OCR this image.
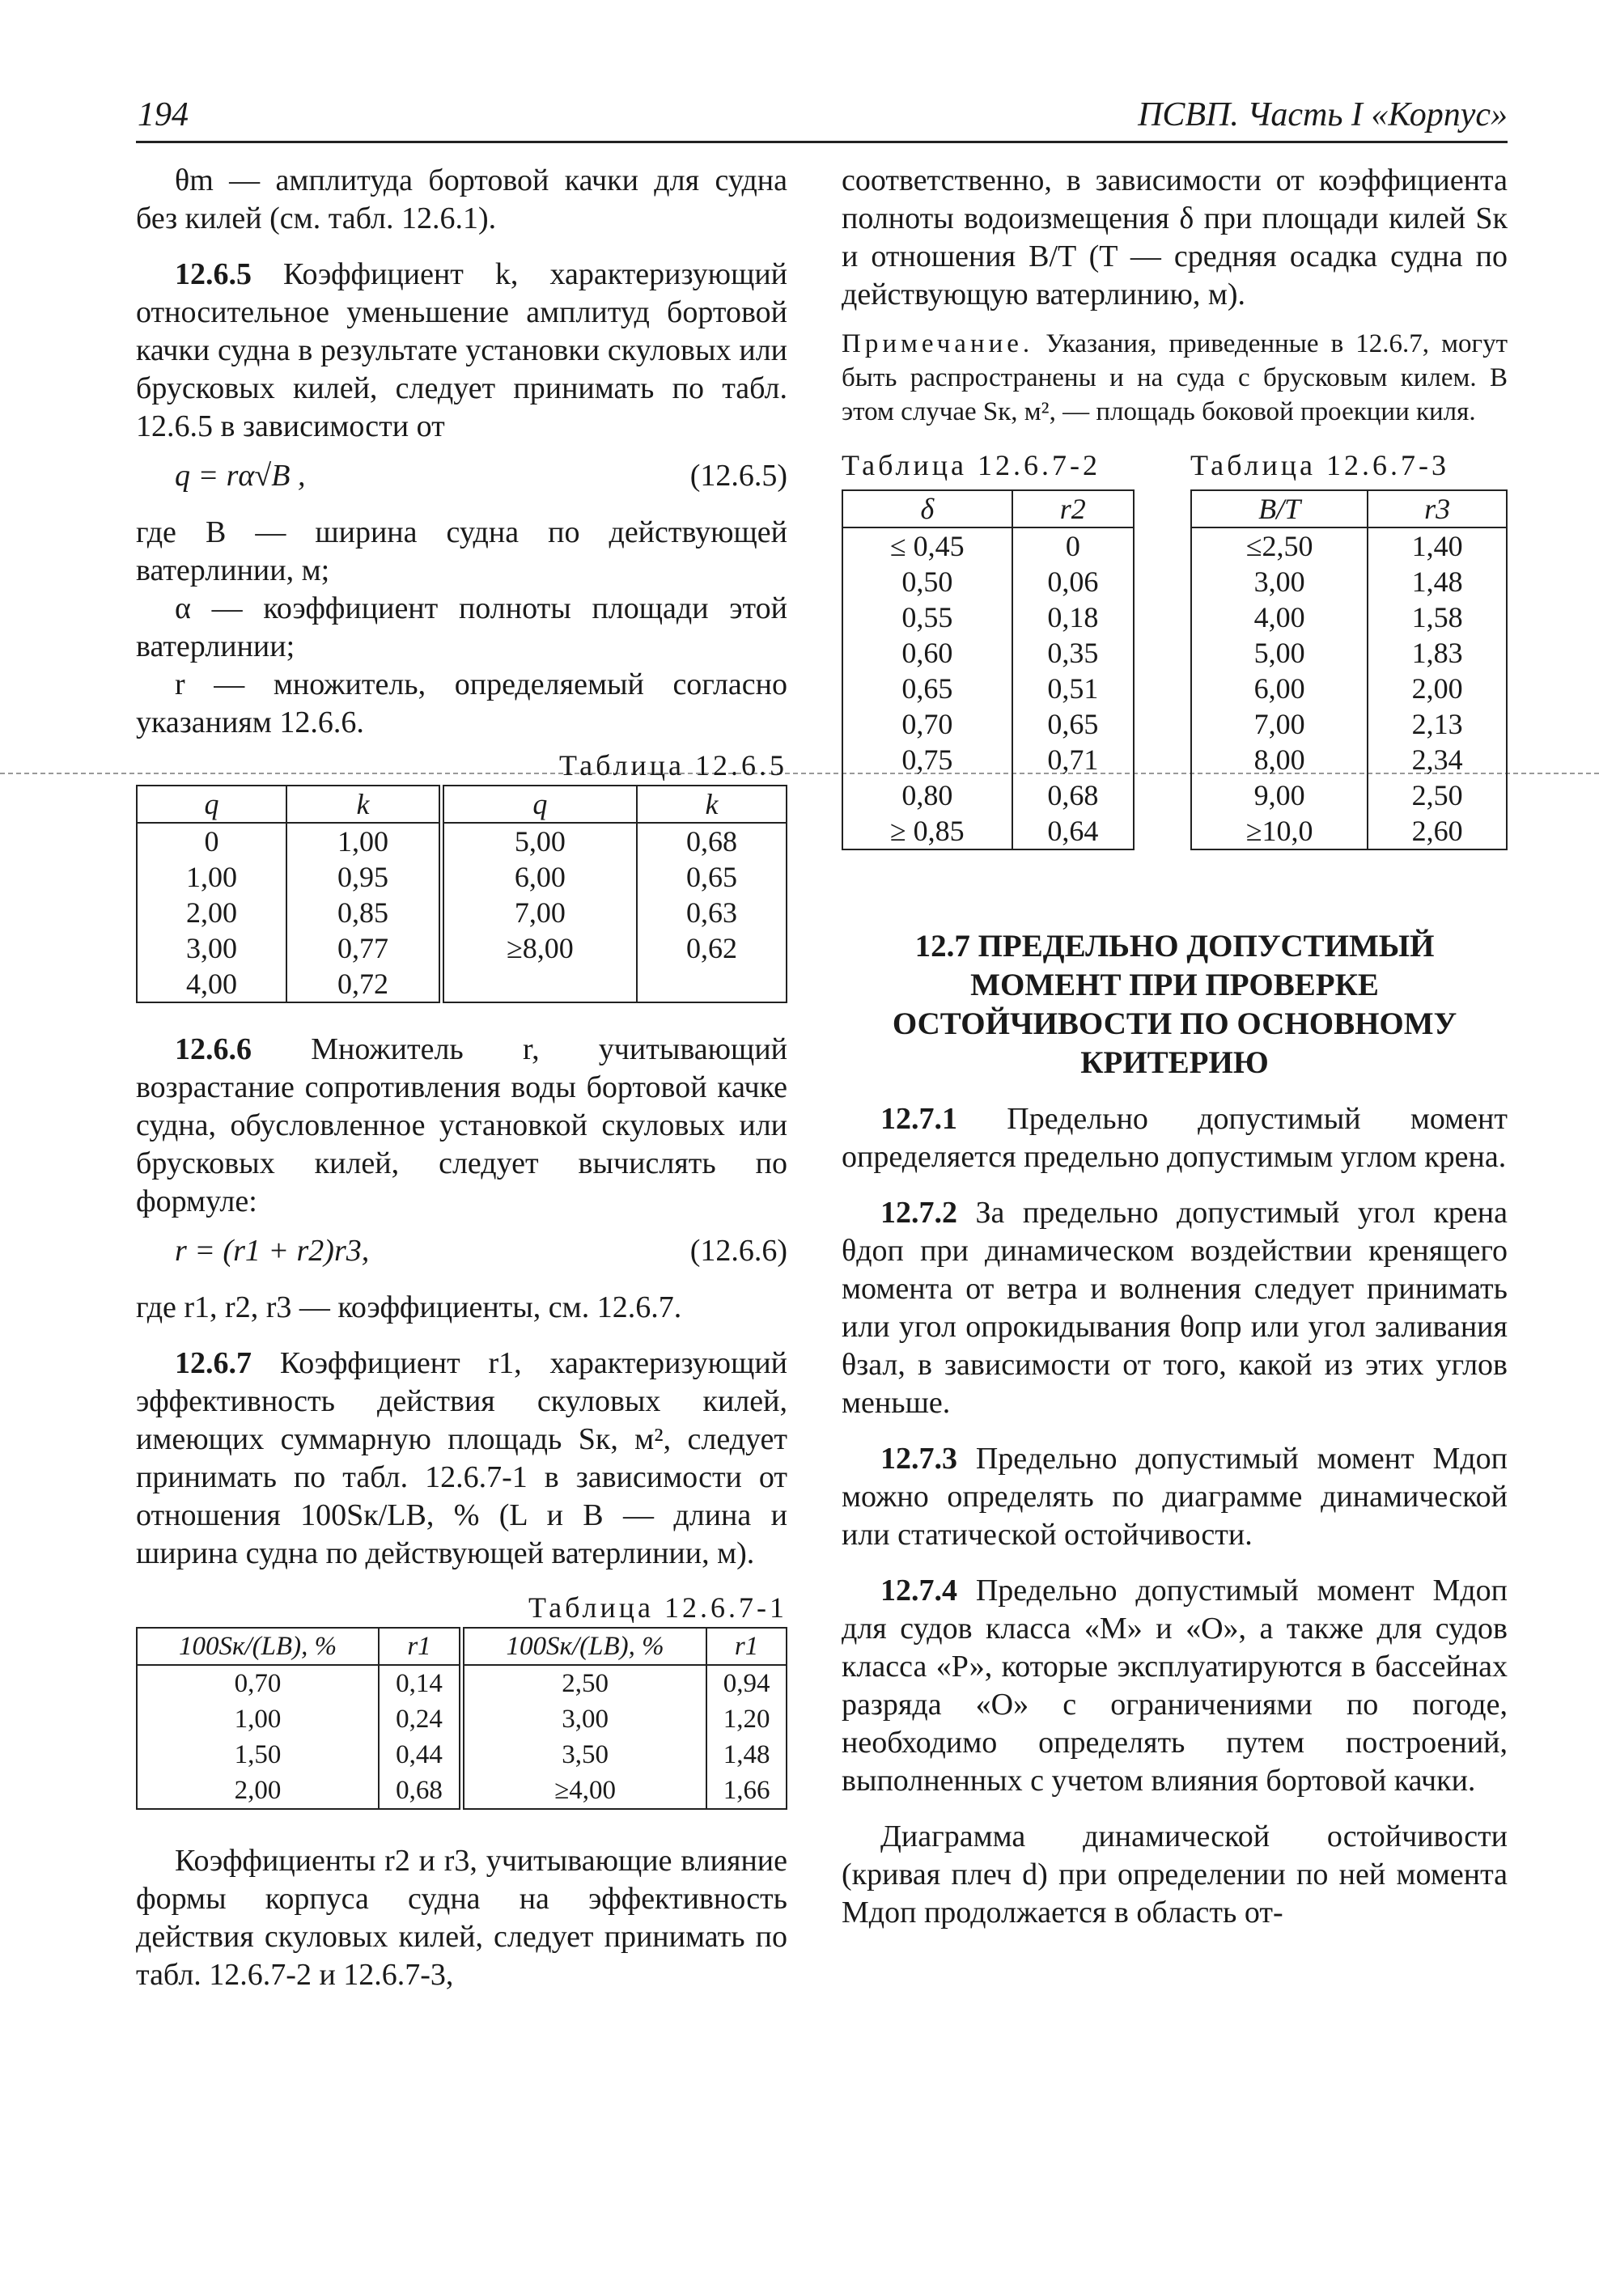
194	ПСВП. Часть I «Корпус»

θm — амплитуда бортовой качки для судна без килей (см. табл. 12.6.1).

12.6.5 Коэффициент k, характеризующий относительное уменьшение амплитуд бортовой качки судна в результате установки скуловых или брусковых килей, следует принимать по табл. 12.6.5 в зависимости от

q = rα√B ,	(12.6.5)

где B — ширина судна по действующей ватерлинии, м;

α — коэффициент полноты площади этой ватерлинии;

r — множитель, определяемый согласно указаниям 12.6.6.

Таблица 12.6.5
q	k	q	k
0	1,00	5,00	0,68
1,00	0,95	6,00	0,65
2,00	0,85	7,00	0,63
3,00	0,77	≥8,00	0,62
4,00	0,72		

12.6.6 Множитель r, учитывающий возрастание сопротивления воды бортовой качке судна, обусловленное установкой скуловых или брусковых килей, следует вычислять по формуле:

r = (r1 + r2)r3,	(12.6.6)

где r1, r2, r3 — коэффициенты, см. 12.6.7.

12.6.7 Коэффициент r1, характеризующий эффективность действия скуловых килей, имеющих суммарную площадь Sк, м², следует принимать по табл. 12.6.7-1 в зависимости от отношения 100Sк/LB, % (L и B — длина и ширина судна по действующей ватерлинии, м).

Таблица 12.6.7-1
100Sк/(LB), %	r1	100Sк/(LB), %	r1
0,70	0,14	2,50	0,94
1,00	0,24	3,00	1,20
1,50	0,44	3,50	1,48
2,00	0,68	≥4,00	1,66

Коэффициенты r2 и r3, учитывающие влияние формы корпуса судна на эффективность действия скуловых килей, следует принимать по табл. 12.6.7-2 и 12.6.7-3,

соответственно, в зависимости от коэффициента полноты водоизмещения δ при площади килей Sк и отношения B/T (T — средняя осадка судна по действующую ватерлинию, м).

Примечание. Указания, приведенные в 12.6.7, могут быть распространены и на суда с брусковым килем. В этом случае Sк, м², — площадь боковой проекции киля.

Таблица 12.6.7-2
δ	r2
≤ 0,45	0
0,50	0,06
0,55	0,18
0,60	0,35
0,65	0,51
0,70	0,65
0,75	0,71
0,80	0,68
≥ 0,85	0,64
Таблица 12.6.7-3
B/T	r3
≤2,50	1,40
3,00	1,48
4,00	1,58
5,00	1,83
6,00	2,00
7,00	2,13
8,00	2,34
9,00	2,50
≥10,0	2,60
12.7 ПРЕДЕЛЬНО ДОПУСТИМЫЙ МОМЕНТ ПРИ ПРОВЕРКЕ ОСТОЙЧИВОСТИ ПО ОСНОВНОМУ КРИТЕРИЮ

12.7.1 Предельно допустимый момент определяется предельно допустимым углом крена.

12.7.2 За предельно допустимый угол крена θдоп при динамическом воздействии кренящего момента от ветра и волнения следует принимать или угол опрокидывания θопр или угол заливания θзал, в зависимости от того, какой из этих углов меньше.

12.7.3 Предельно допустимый момент Mдоп можно определять по диаграмме динамической или статической остойчивости.

12.7.4 Предельно допустимый момент Mдоп для судов класса «М» и «О», а также для судов класса «Р», которые эксплуатируются в бассейнах разряда «О» с ограничениями по погоде, необходимо определять путем построений, выполненных с учетом влияния бортовой качки.

Диаграмма динамической остойчивости (кривая плеч d) при определении по ней момента Mдоп продолжается в область от-
